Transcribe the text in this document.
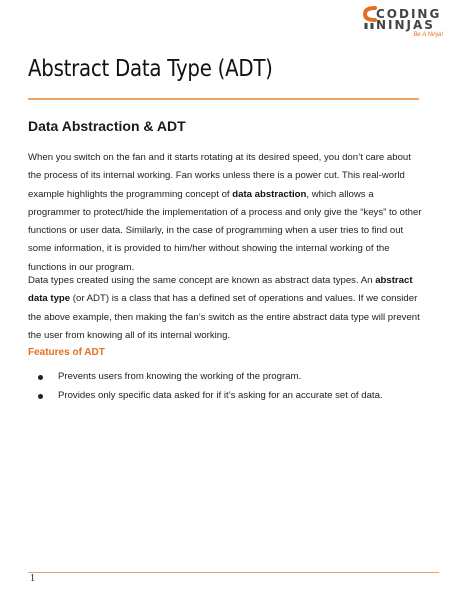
CODING
NINJAS
Be A Ninja!
Abstract Data Type (ADT)
Data Abstraction & ADT

When you switch on the fan and it starts rotating at its desired speed, you don’t care about the process of its internal working. Fan works unless there is a power cut. This real-world example highlights the programming concept of data abstraction, which allows a programmer to protect/hide the implementation of a process and only give the “keys” to other functions or user data. Similarly, in the case of programming when a user tries to find out some information, it is provided to him/her without showing the internal working of the functions in our program.

Data types created using the same concept are known as abstract data types. An abstract data type (or ADT) is a class that has a defined set of operations and values. If we consider the above example, then making the fan’s switch as the entire abstract data type will prevent the user from knowing all of its internal working.

Features of ADT
Prevents users from knowing the working of the program.
Provides only specific data asked for if it’s asking for an accurate set of data.
1
